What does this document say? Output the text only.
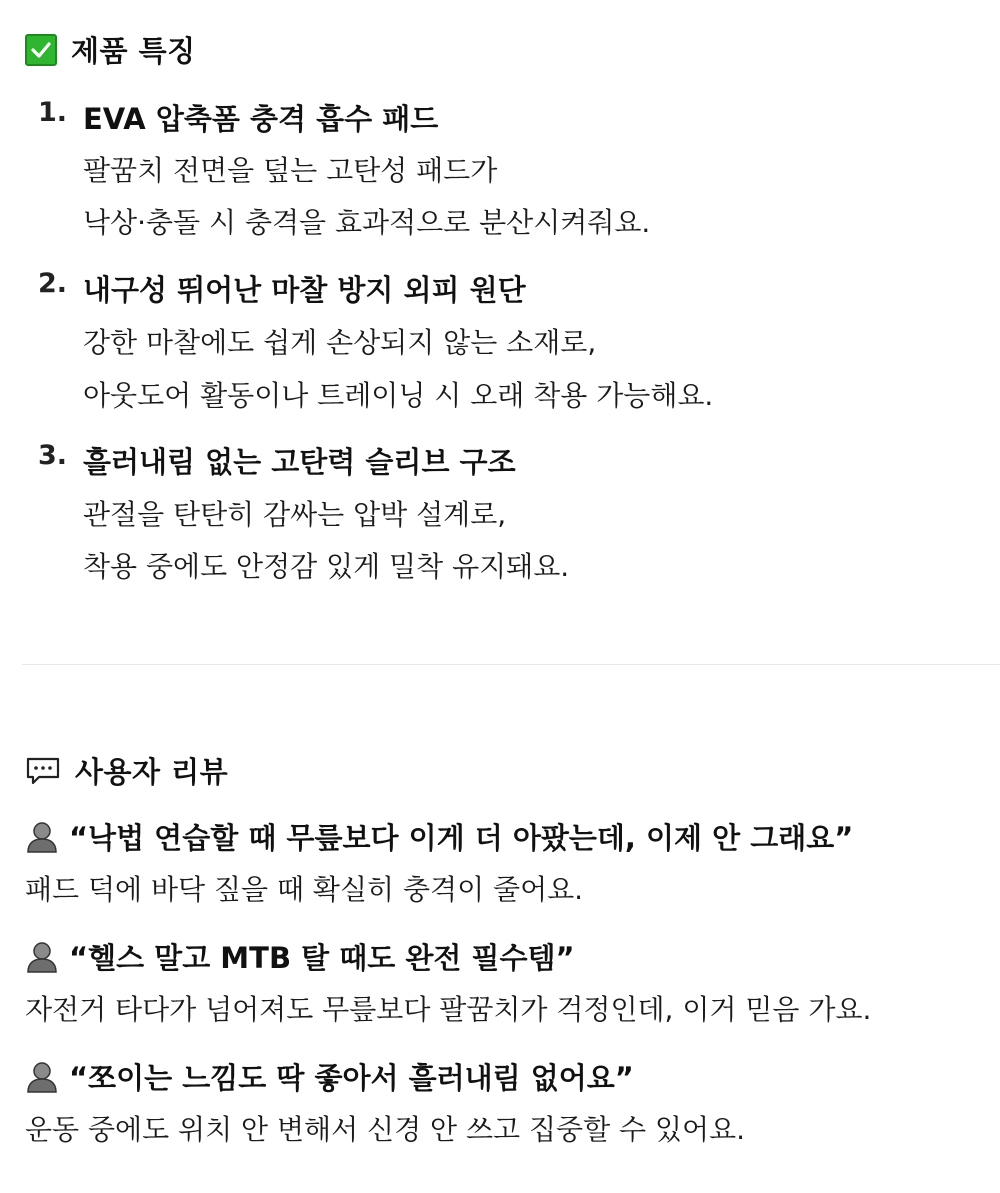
제품 특징
1. EVA 압축폼 충격 흡수 패드
팔꿈치 전면을 덮는 고탄성 패드가
낙상·충돌 시 충격을 효과적으로 분산시켜줘요.
2. 내구성 뛰어난 마찰 방지 외피 원단
강한 마찰에도 쉽게 손상되지 않는 소재로,
아웃도어 활동이나 트레이닝 시 오래 착용 가능해요.
3. 흘러내림 없는 고탄력 슬리브 구조
관절을 탄탄히 감싸는 압박 설계로,
착용 중에도 안정감 있게 밀착 유지돼요.
사용자 리뷰
“낙법 연습할 때 무릎보다 이게 더 아팠는데, 이제 안 그래요”
패드 덕에 바닥 짚을 때 확실히 충격이 줄어요.
“헬스 말고 MTB 탈 때도 완전 필수템”
자전거 타다가 넘어져도 무릎보다 팔꿈치가 걱정인데, 이거 믿음 가요.
“쪼이는 느낌도 딱 좋아서 흘러내림 없어요”
운동 중에도 위치 안 변해서 신경 안 쓰고 집중할 수 있어요.
